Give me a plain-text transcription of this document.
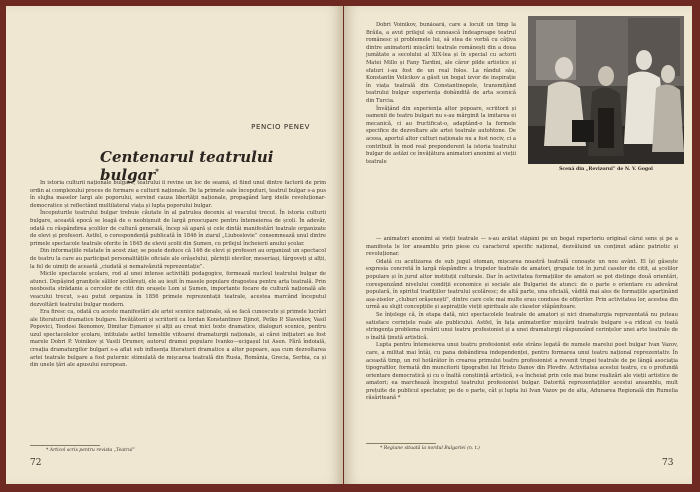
PENCIO PENEV
Centenarul teatrului bulgar*

În istoria culturii naționale bulgare, teatrului îi revine un loc de seamă, el fiind unul dintre factorii de prim ordin ai complexului proces de formare a culturii naționale. De la primele sale începuturi, teatrul bulgar s-a pus în slujba maselor largi ale poporului, servind cauza libertății naționale, propagând larg ideile revoluționar-democratice și reflectând multilateral viața și lupta poporului bulgar.

Începuturile teatrului bulgar trebuie căutate în al patrulea deceniu al veacului trecut. În istoria culturii bulgare, această epocă se leagă de o neobișnuit de largă preocupare pentru întemeierea de școli. În adevăr, odată cu răspândirea școlilor de cultură generală, încep să apară și cele dintâi manifestări teatrale organizate de elevi și profesori. Astfel, o corespondență publicată în 1846 în ziarul „Liuboslovie” consemnează unul dintre primele spectacole teatrale oferite în 1845 de elevii școlii din Șumen, cu prilejul încheierii anului școlar.

Din informațiile relatate în acest ziar, se poate deduce că 146 de elevi și profesori au organizat un spectacol de teatru la care au participat personalitățile oficiale ale orășelului, părinții elevilor, meseriași, târgoveți și alții, la fel de uimiți de această „ciudată și nemaivăzută reprezentație”.

Micile spectacole școlare, rod al unei intense activități pedagogice, formează nucleul teatrului bulgar de atunci. Depășind granițele sălilor școlărești, ele au ieșit în masele populare dragostea pentru arta teatrală. Prin neobosita strădanie a cercelor de citit din orașele Lom și Șumen, importante focare de cultură națională ale veacului trecut, s-au putut organiza în 1856 primele reprezentații teatrale, acestea marcând începutul dezvoltării teatrului bulgar modern.

Era firesc ca, odată cu aceste manifestări ale artei scenice naționale, să se facă cunoscute și primele lucrări ale literaturii dramatice bulgare. Învățătorii și scriitorii ca Iordan Konstantinov Djinot, Petko P. Slaveikov, Vasil Popovici, Teodosi Ikonomov, Dimitar Eșmanov și alții au creat mici texte dramatice, dialoguri scenice, pentru uzul spectacolelor școlare, intitulate astfel temeliile viitoarei dramaturgii naționale, ai cărei inițiatori au fost marele Dobri P. Voinikov și Vasili Drumev, autorul dramei populare Ivanko—ucigașul lui Asen. Fără îndoială, creația dramaturgilor bulgari s-a aflat sub influența literaturii dramatice a altor popoare, așa cum dezvoltarea artei teatrale bulgare a fost puternic stimulată de mișcarea teatrală din Rusia, România, Grecia, Serbia, ca și din unele țări ale apusului european.

* Articol scris pentru revista „Teatrul”
72

Dobri Voinikov, bunăoară, care a locuit un timp la Brăila, a avut prilejul să cunoască îndeaproape teatrul românesc și problemele lui, să stea de vorbă cu câțiva dintre animatorii mișcării teatrale românești din a doua jumătate a secolului al XIX-lea și în special cu actorii Matei Millo și Fany Tardini, ale căror pilde artistice și sfaturi i-au fost de un real folos. La rândul său, Konstantin Velicikov a găsit un bogat izvor de inspirație în viața teatrală din Constantinopole, transmițând teatrului bulgar experiența dobândită de arta scenică din Turcia.

Învățând din experiența altor popoare, scriitorii și oamenii de teatru bulgari nu s-au mărginit la imitarea ei mecanică, ci au fructificat-o, adaptând-o la formele specifice de dezvoltare ale artei teatrale autohtone. De aceea, aportul altor culturi naționale nu a fost nociv, ci a contribuit în mod real preponderent la istoria teatrului bulgar de astăzi ce învățătura animatori anonimi ai vieții teatrale

Scenă din „Revizorul” de N. V. Gogol

— animatori anonimi ai vieții teatrale — s-au arătat stăpâni pe un bogat repertoriu original cărui sens și pe a manifesta le lor ansamblu prin piese cu caracterul specific național, dezvăluind un conținut adânc patriotic și revoluționar.

Odată cu acutizarea de sub jugul otoman, mișcarea noastră teatrală cunoaște un nou avânt. El își găsește expresia concretă în largă răspândire a trupelor teatrale de amatori, grupate tot în jurul caselor de citit, ai școlilor populare și în jurul altor instituții culturale. Dar în activitatea formațiilor de amatori se pot distinge două orientări, corespunzând nivelului condiții economice și sociale ale Bulgariei de atunci: de o parte o orientare cu adevărat populară, în spiritul tradițiilor teatrului școlăresc; de altă parte, una oficială, vădită mai ales de formațiile aparținând așa-ziselor „cluburi orășenești”, dintre care cele mai multe erau conduse de ofițerilor. Prin activitatea lor, acestea din urmă au slujit concepțiile și aspirațiile vieții spirituale ale claselor stăpânitoare.

Se înțelege că, în etapa dată, nici spectacolele teatrale de amatori și nici dramaturgia reprezentată nu puteau satisface cerințele reale ale publicului. Astfel, în fața animatorilor mișcării teatrale bulgare s-a ridicat cu toată stringența problema creării unui teatru profesionist și a unei dramaturgii răspunzând cerințelor unei arte teatrale de o înaltă ținută artistică.

Lupta pentru întemeierea unui teatru profesionist este strâns legată de numele marelui poet bulgar Ivan Vazov, care, a militat mai întâi, cu pana dobândirea independenței, pentru formarea unui teatru național reprezentativ. În această timp, un rol hotărâtor în crearea primului teatru profesionist a revenit trupei teatrale de pe lângă asociația tipografilor, formată din muncitorii tipografiei lui Hristo Danov din Plovdiv. Activitatea acestui teatru, cu o profundă orientare democratică și cu o înaltă conștiință artistică, s-a încheiat prin cele mai bune realizări ale vieții artistice de amatori; ea marchează începutul teatrului profesionist bulgar. Datorită reprezentațiilor acestui ansamblu, mult prețuite de publicul spectator, pe de o parte, cât și lupta lui Ivan Vazov pe de alta, Adunarea Regională din Rumelia răsăriteană *

* Regiune situată la nordul Bulgariei (n. t.)
73
